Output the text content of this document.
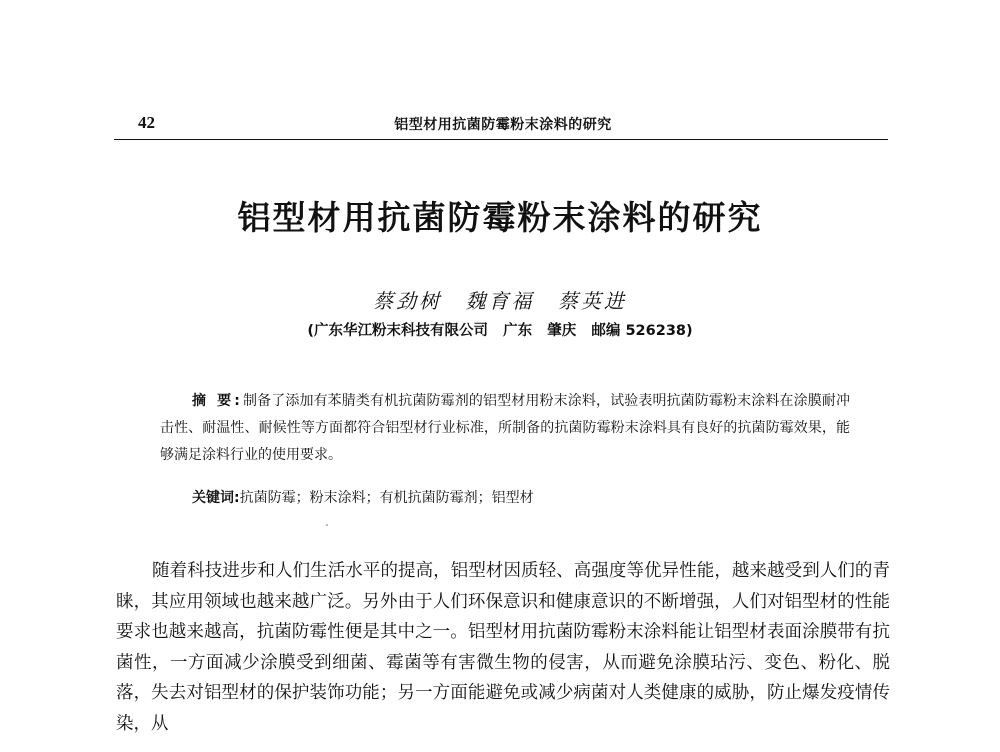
42	铝型材用抗菌防霉粉末涂料的研究
铝型材用抗菌防霉粉末涂料的研究
蔡劲树 魏育福 蔡英进
(广东华江粉末科技有限公司   广东   肇庆   邮编 526238)
摘 要:制备了添加有苯腈类有机抗菌防霉剂的铝型材用粉末涂料，试验表明抗菌防霉粉末涂料在涂膜耐冲击性、耐温性、耐候性等方面都符合铝型材行业标准，所制备的抗菌防霉粉末涂料具有良好的抗菌防霉效果，能够满足涂料行业的使用要求。
关键词:抗菌防霉；粉末涂料；有机抗菌防霉剂；铝型材

随着科技进步和人们生活水平的提高，铝型材因质轻、高强度等优异性能，越来越受到人们的青睐，其应用领域也越来越广泛。另外由于人们环保意识和健康意识的不断增强，人们对铝型材的性能要求也越来越高，抗菌防霉性便是其中之一。铝型材用抗菌防霉粉末涂料能让铝型材表面涂膜带有抗菌性，一方面减少涂膜受到细菌、霉菌等有害微生物的侵害，从而避免涂膜玷污、变色、粉化、脱落，失去对铝型材的保护装饰功能；另一方面能避免或减少病菌对人类健康的威胁，防止爆发疫情传染，从
